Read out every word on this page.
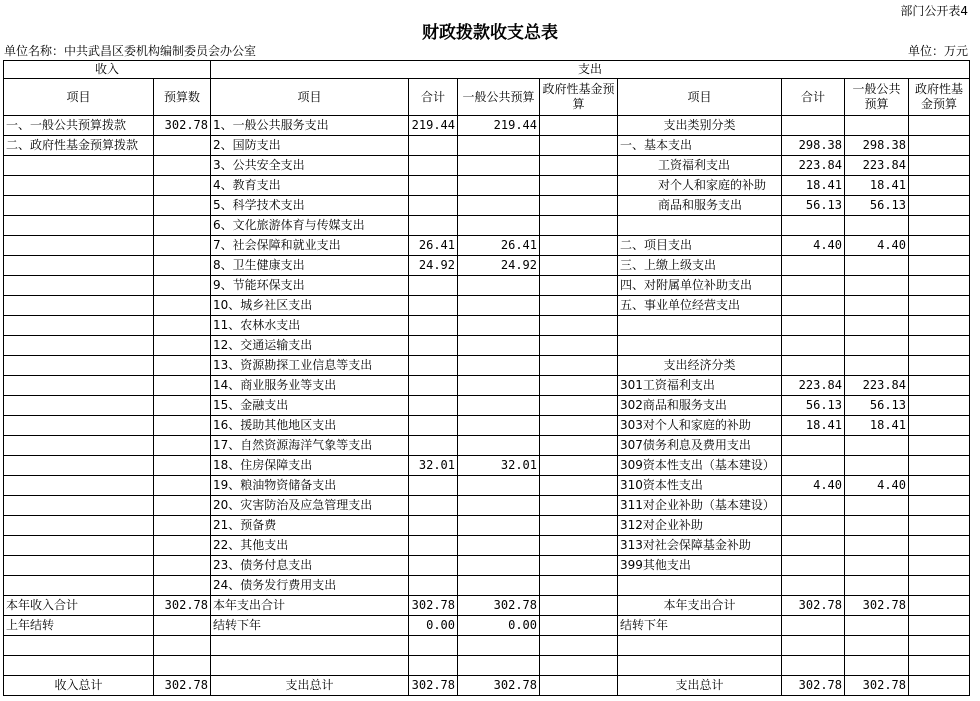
部门公开表4
财政拨款收支总表
单位名称：中共武昌区委机构编制委员会办公室	单位：万元
收入		支出							
项目	预算数	项目	合计	一般公共预算	政府性基金预算	项目	合计	一般公共预算	政府性基金预算
一、一般公共预算拨款	302.78	1、一般公共服务支出	219.44	219.44		支出类别分类			
二、政府性基金预算拨款		2、国防支出				一、基本支出	298.38	298.38	
		3、公共安全支出				工资福利支出	223.84	223.84	
		4、教育支出				对个人和家庭的补助	18.41	18.41	
		5、科学技术支出				商品和服务支出	56.13	56.13	
		6、文化旅游体育与传媒支出							
		7、社会保障和就业支出	26.41	26.41		二、项目支出	4.40	4.40	
		8、卫生健康支出	24.92	24.92		三、上缴上级支出			
		9、节能环保支出				四、对附属单位补助支出			
		10、城乡社区支出				五、事业单位经营支出			
		11、农林水支出							
		12、交通运输支出							
		13、资源勘探工业信息等支出				支出经济分类			
		14、商业服务业等支出				301工资福利支出	223.84	223.84	
		15、金融支出				302商品和服务支出	56.13	56.13	
		16、援助其他地区支出				303对个人和家庭的补助	18.41	18.41	
		17、自然资源海洋气象等支出				307债务利息及费用支出			
		18、住房保障支出	32.01	32.01		309资本性支出（基本建设）			
		19、粮油物资储备支出				310资本性支出	4.40	4.40	
		20、灾害防治及应急管理支出				311对企业补助（基本建设）			
		21、预备费				312对企业补助			
		22、其他支出				313对社会保障基金补助			
		23、债务付息支出				399其他支出			
		24、债务发行费用支出							
本年收入合计	302.78	本年支出合计	302.78	302.78		本年支出合计	302.78	302.78	
上年结转		结转下年	0.00	0.00		结转下年			

收入总计	302.78	支出总计	302.78	302.78		支出总计	302.78	302.78	
